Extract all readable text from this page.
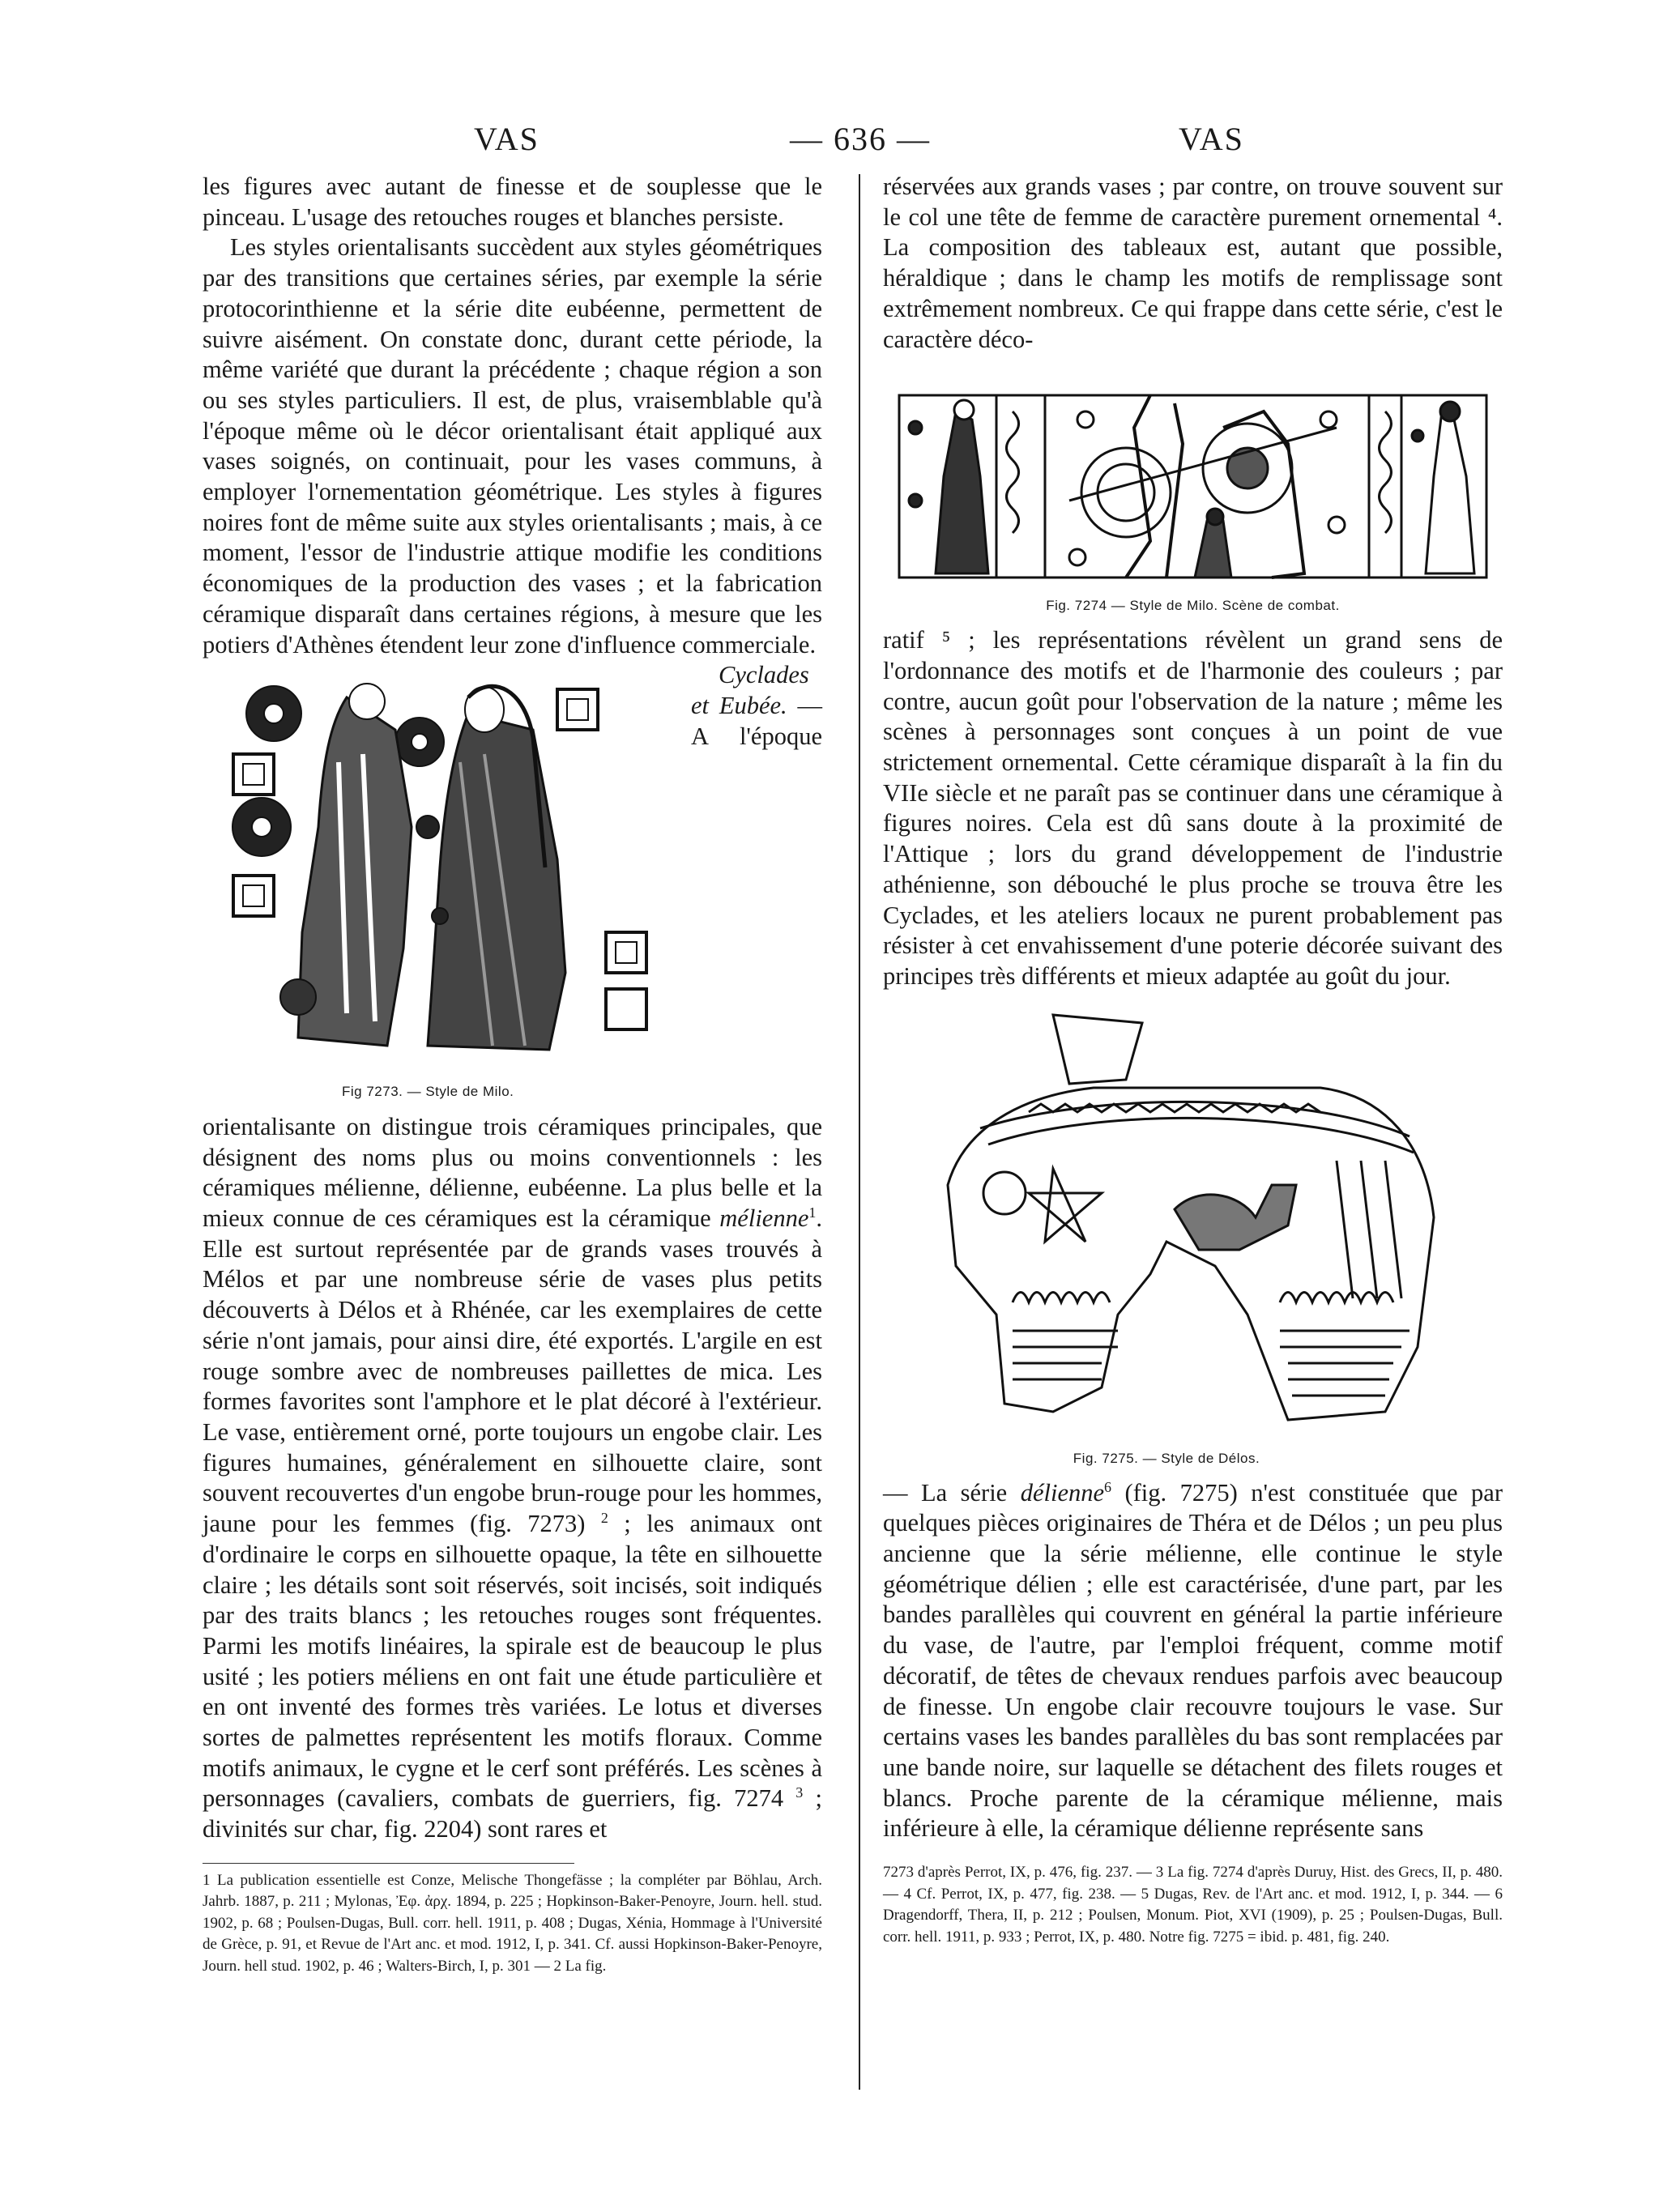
VAS	— 636 —	VAS

les figures avec autant de finesse et de souplesse que le pinceau. L'usage des retouches rouges et blanches persiste.

Les styles orientalisants succèdent aux styles géométriques par des transitions que certaines séries, par exemple la série protocorinthienne et la série dite eubéenne, permettent de suivre aisément. On constate donc, durant cette période, la même variété que durant la précédente ; chaque région a son ou ses styles particuliers. Il est, de plus, vraisemblable qu'à l'époque même où le décor orientalisant était appliqué aux vases soignés, on continuait, pour les vases communs, à employer l'ornementation géométrique. Les styles à figures noires font de même suite aux styles orientalisants ; mais, à ce moment, l'essor de l'industrie attique modifie les conditions économiques de la production des vases ; et la fabrication céramique disparaît dans certaines régions, à mesure que les potiers d'Athènes étendent leur zone d'influence commerciale.

Fig 7273. — Style de Milo.
Cyclades et Eubée. — A l'époque orientalisante on distingue trois céramiques principales, que désignent des noms plus ou moins conventionnels : les céramiques mélienne, délienne, eubéenne. La plus belle et la mieux connue de ces céramiques est la céramique mélienne$^1$. Elle est surtout représentée par de grands vases trouvés à Mélos et par une nombreuse série de vases plus petits découverts à Délos et à Rhénée, car les exemplaires de cette série n'ont jamais, pour ainsi dire, été exportés. L'argile en est rouge sombre avec de nombreuses paillettes de mica. Les formes favorites sont l'amphore et le plat décoré à l'extérieur. Le vase, entièrement orné, porte toujours un engobe clair. Les figures humaines, généralement en silhouette claire, sont souvent recouvertes d'un engobe brun-rouge pour les hommes, jaune pour les femmes (fig. 7273) $^2$ ; les animaux ont d'ordinaire le corps en silhouette opaque, la tête en silhouette claire ; les détails sont soit réservés, soit incisés, soit indiqués par des traits blancs ; les retouches rouges sont fréquentes. Parmi les motifs linéaires, la spirale est de beaucoup le plus usité ; les potiers méliens en ont fait une étude particulière et en ont inventé des formes très variées. Le lotus et diverses sortes de palmettes représentent les motifs floraux. Comme motifs animaux, le cygne et le cerf sont préférés. Les scènes à personnages (cavaliers, combats de guerriers, fig. 7274 $^3$ ; divinités sur char, fig. 2204) sont rares et

1 La publication essentielle est Conze, Melische Thongefässe ; la compléter par Böhlau, Arch. Jahrb. 1887, p. 211 ; Mylonas, Ἐφ. ἀρχ. 1894, p. 225 ; Hopkinson-Baker-Penoyre, Journ. hell. stud. 1902, p. 68 ; Poulsen-Dugas, Bull. corr. hell. 1911, p. 408 ; Dugas, Xénia, Hommage à l'Université de Grèce, p. 91, et Revue de l'Art anc. et mod. 1912, I, p. 341. Cf. aussi Hopkinson-Baker-Penoyre, Journ. hell stud. 1902, p. 46 ; Walters-Birch, I, p. 301 — 2 La fig.

réservées aux grands vases ; par contre, on trouve souvent sur le col une tête de femme de caractère purement ornemental ⁴. La composition des tableaux est, autant que possible, héraldique ; dans le champ les motifs de remplissage sont extrêmement nombreux. Ce qui frappe dans cette série, c'est le caractère déco-

Fig. 7274 — Style de Milo. Scène de combat.

ratif ⁵ ; les représentations révèlent un grand sens de l'ordonnance des motifs et de l'harmonie des couleurs ; par contre, aucun goût pour l'observation de la nature ; même les scènes à personnages sont conçues à un point de vue strictement ornemental. Cette céramique disparaît à la fin du VIIe siècle et ne paraît pas se continuer dans une céramique à figures noires. Cela est dû sans doute à la proximité de l'Attique ; lors du grand développement de l'industrie athénienne, son débouché le plus proche se trouva être les Cyclades, et les ateliers locaux ne purent probablement pas résister à cet envahissement d'une poterie décorée suivant des principes très différents et mieux adaptée au goût du jour.

Fig. 7275. — Style de Délos.

— La série délienne$^6$ (fig. 7275) n'est constituée que par quelques pièces originaires de Théra et de Délos ; un peu plus ancienne que la série mélienne, elle continue le style géométrique délien ; elle est caractérisée, d'une part, par les bandes parallèles qui couvrent en général la partie inférieure du vase, de l'autre, par l'emploi fréquent, comme motif décoratif, de têtes de chevaux rendues parfois avec beaucoup de finesse. Un engobe clair recouvre toujours le vase. Sur certains vases les bandes parallèles du bas sont remplacées par une bande noire, sur laquelle se détachent des filets rouges et blancs. Proche parente de la céramique mélienne, mais inférieure à elle, la céramique délienne représente sans

7273 d'après Perrot, IX, p. 476, fig. 237. — 3 La fig. 7274 d'après Duruy, Hist. des Grecs, II, p. 480. — 4 Cf. Perrot, IX, p. 477, fig. 238. — 5 Dugas, Rev. de l'Art anc. et mod. 1912, I, p. 344. — 6 Dragendorff, Thera, II, p. 212 ; Poulsen, Monum. Piot, XVI (1909), p. 25 ; Poulsen-Dugas, Bull. corr. hell. 1911, p. 933 ; Perrot, IX, p. 480. Notre fig. 7275 = ibid. p. 481, fig. 240.
